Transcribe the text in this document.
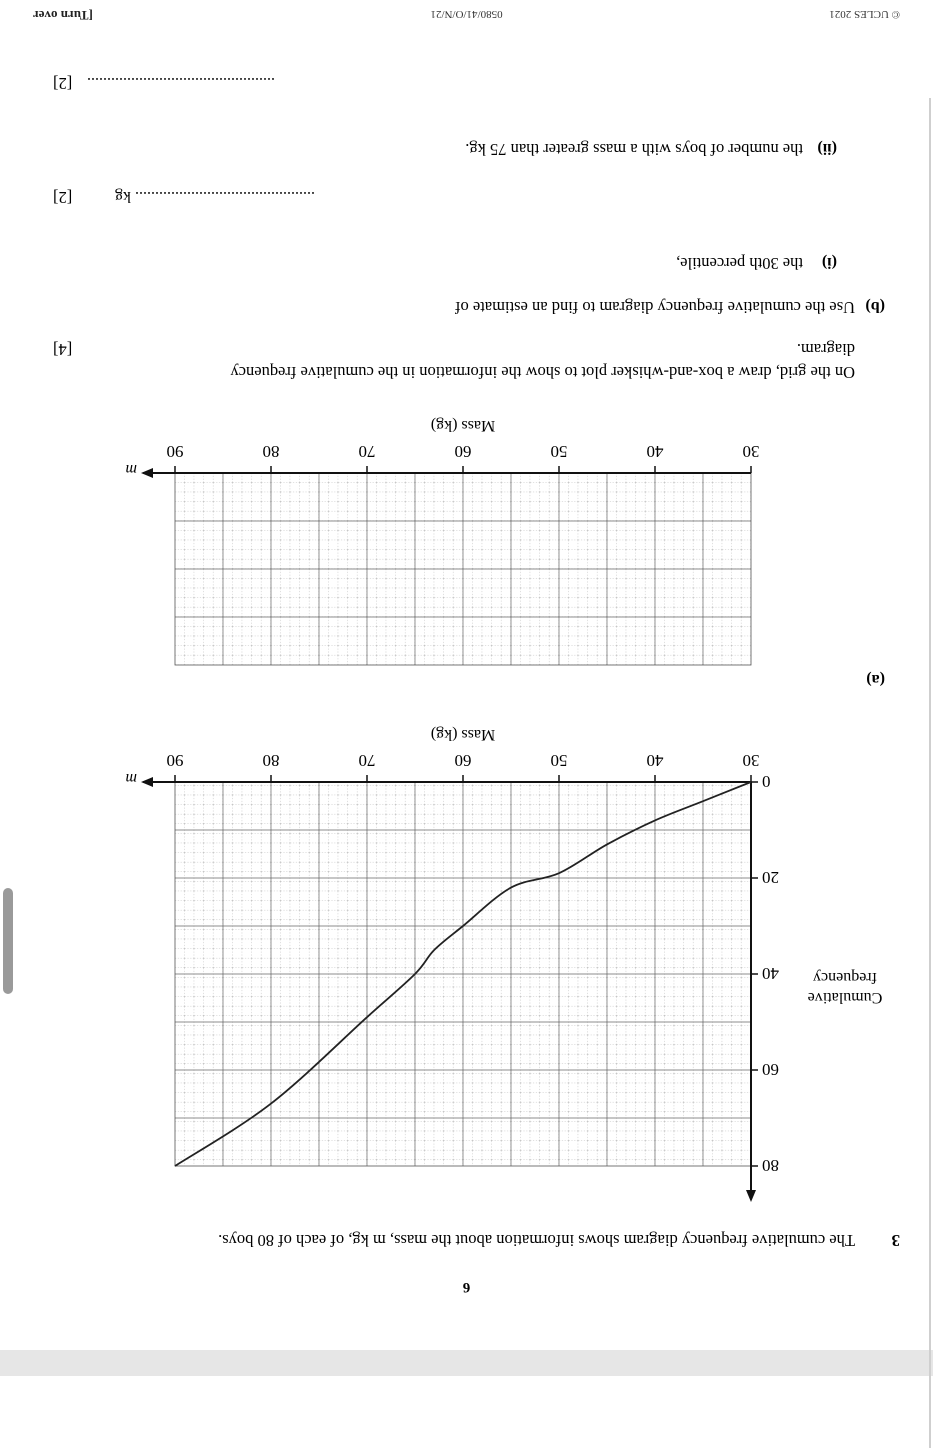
6
3
The cumulative frequency diagram shows information about the mass, m kg, of each of 80 boys.
m
30
40
50
60
70
80
90
0
20
40
60
80
Mass (kg)
Cumulative
frequency
(a)
m
30
40
50
60
70
80
90
Mass (kg)
On the grid, draw a box-and-whisker plot to show the information in the cumulative frequency
diagram.
[4]
(b)
Use the cumulative frequency diagram to find an estimate of
(i)
the 30th percentile,
............................................. kg
[2]
(ii)
the number of boys with a mass greater than 75 kg.
...............................................
[2]
© UCLES 2021
0580/41/O/N/21
[Turn over
